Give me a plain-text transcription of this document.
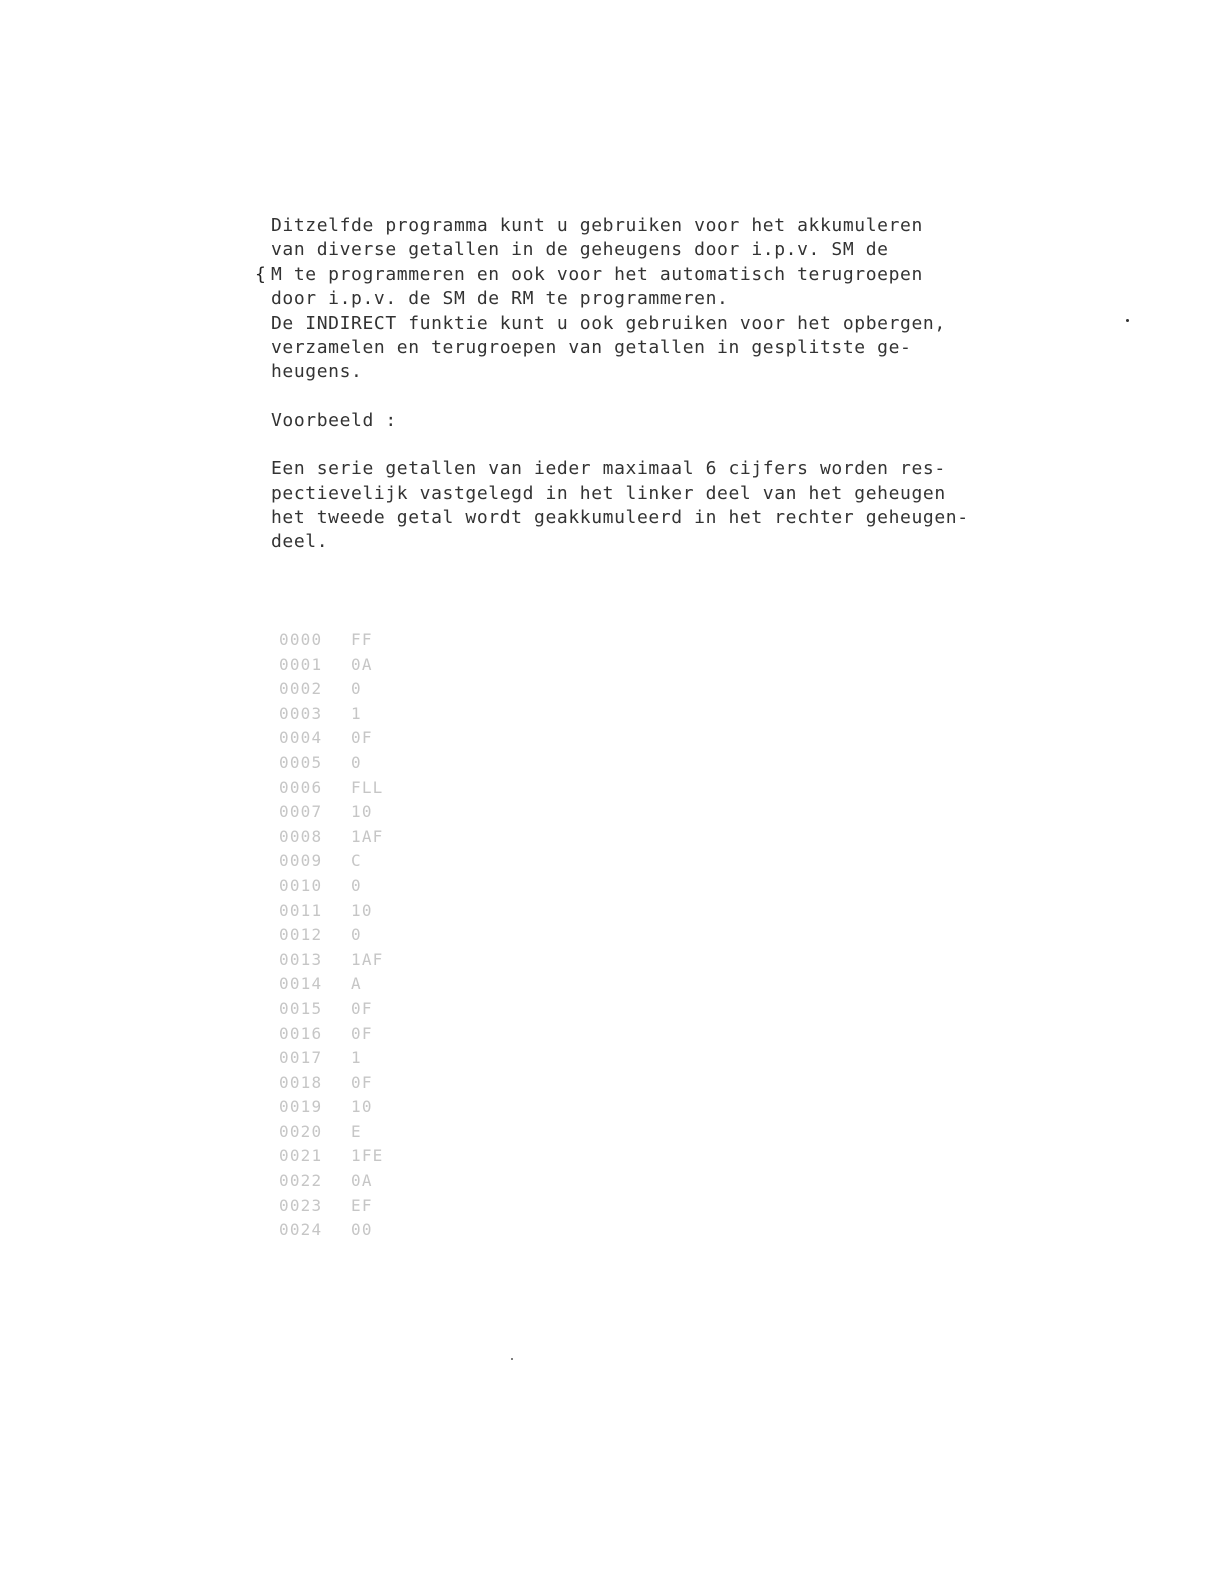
Ditzelfde programma kunt u gebruiken voor het akkumuleren
van diverse getallen in de geheugens door i.p.v. SM de
{ M te programmeren en ook voor het automatisch terugroepen
door i.p.v. de SM de RM te programmeren.
De INDIRECT funktie kunt u ook gebruiken voor het opbergen,
verzamelen en terugroepen van getallen in gesplitste ge-
heugens.
Voorbeeld :
Een serie getallen van ieder maximaal 6 cijfers worden res-
pectievelijk vastgelegd in het linker deel van het geheugen
het tweede getal wordt geakkumuleerd in het rechter geheugen-
deel.
0000	FF
0001	0A
0002	0
0003	1
0004	0F
0005	0
0006	FLL
0007	10
0008	1AF
0009	C
0010	0
0011	10
0012	0
0013	1AF
0014	A
0015	0F
0016	0F
0017	1
0018	0F
0019	10
0020	E
0021	1FE
0022	0A
0023	EF
0024	00
